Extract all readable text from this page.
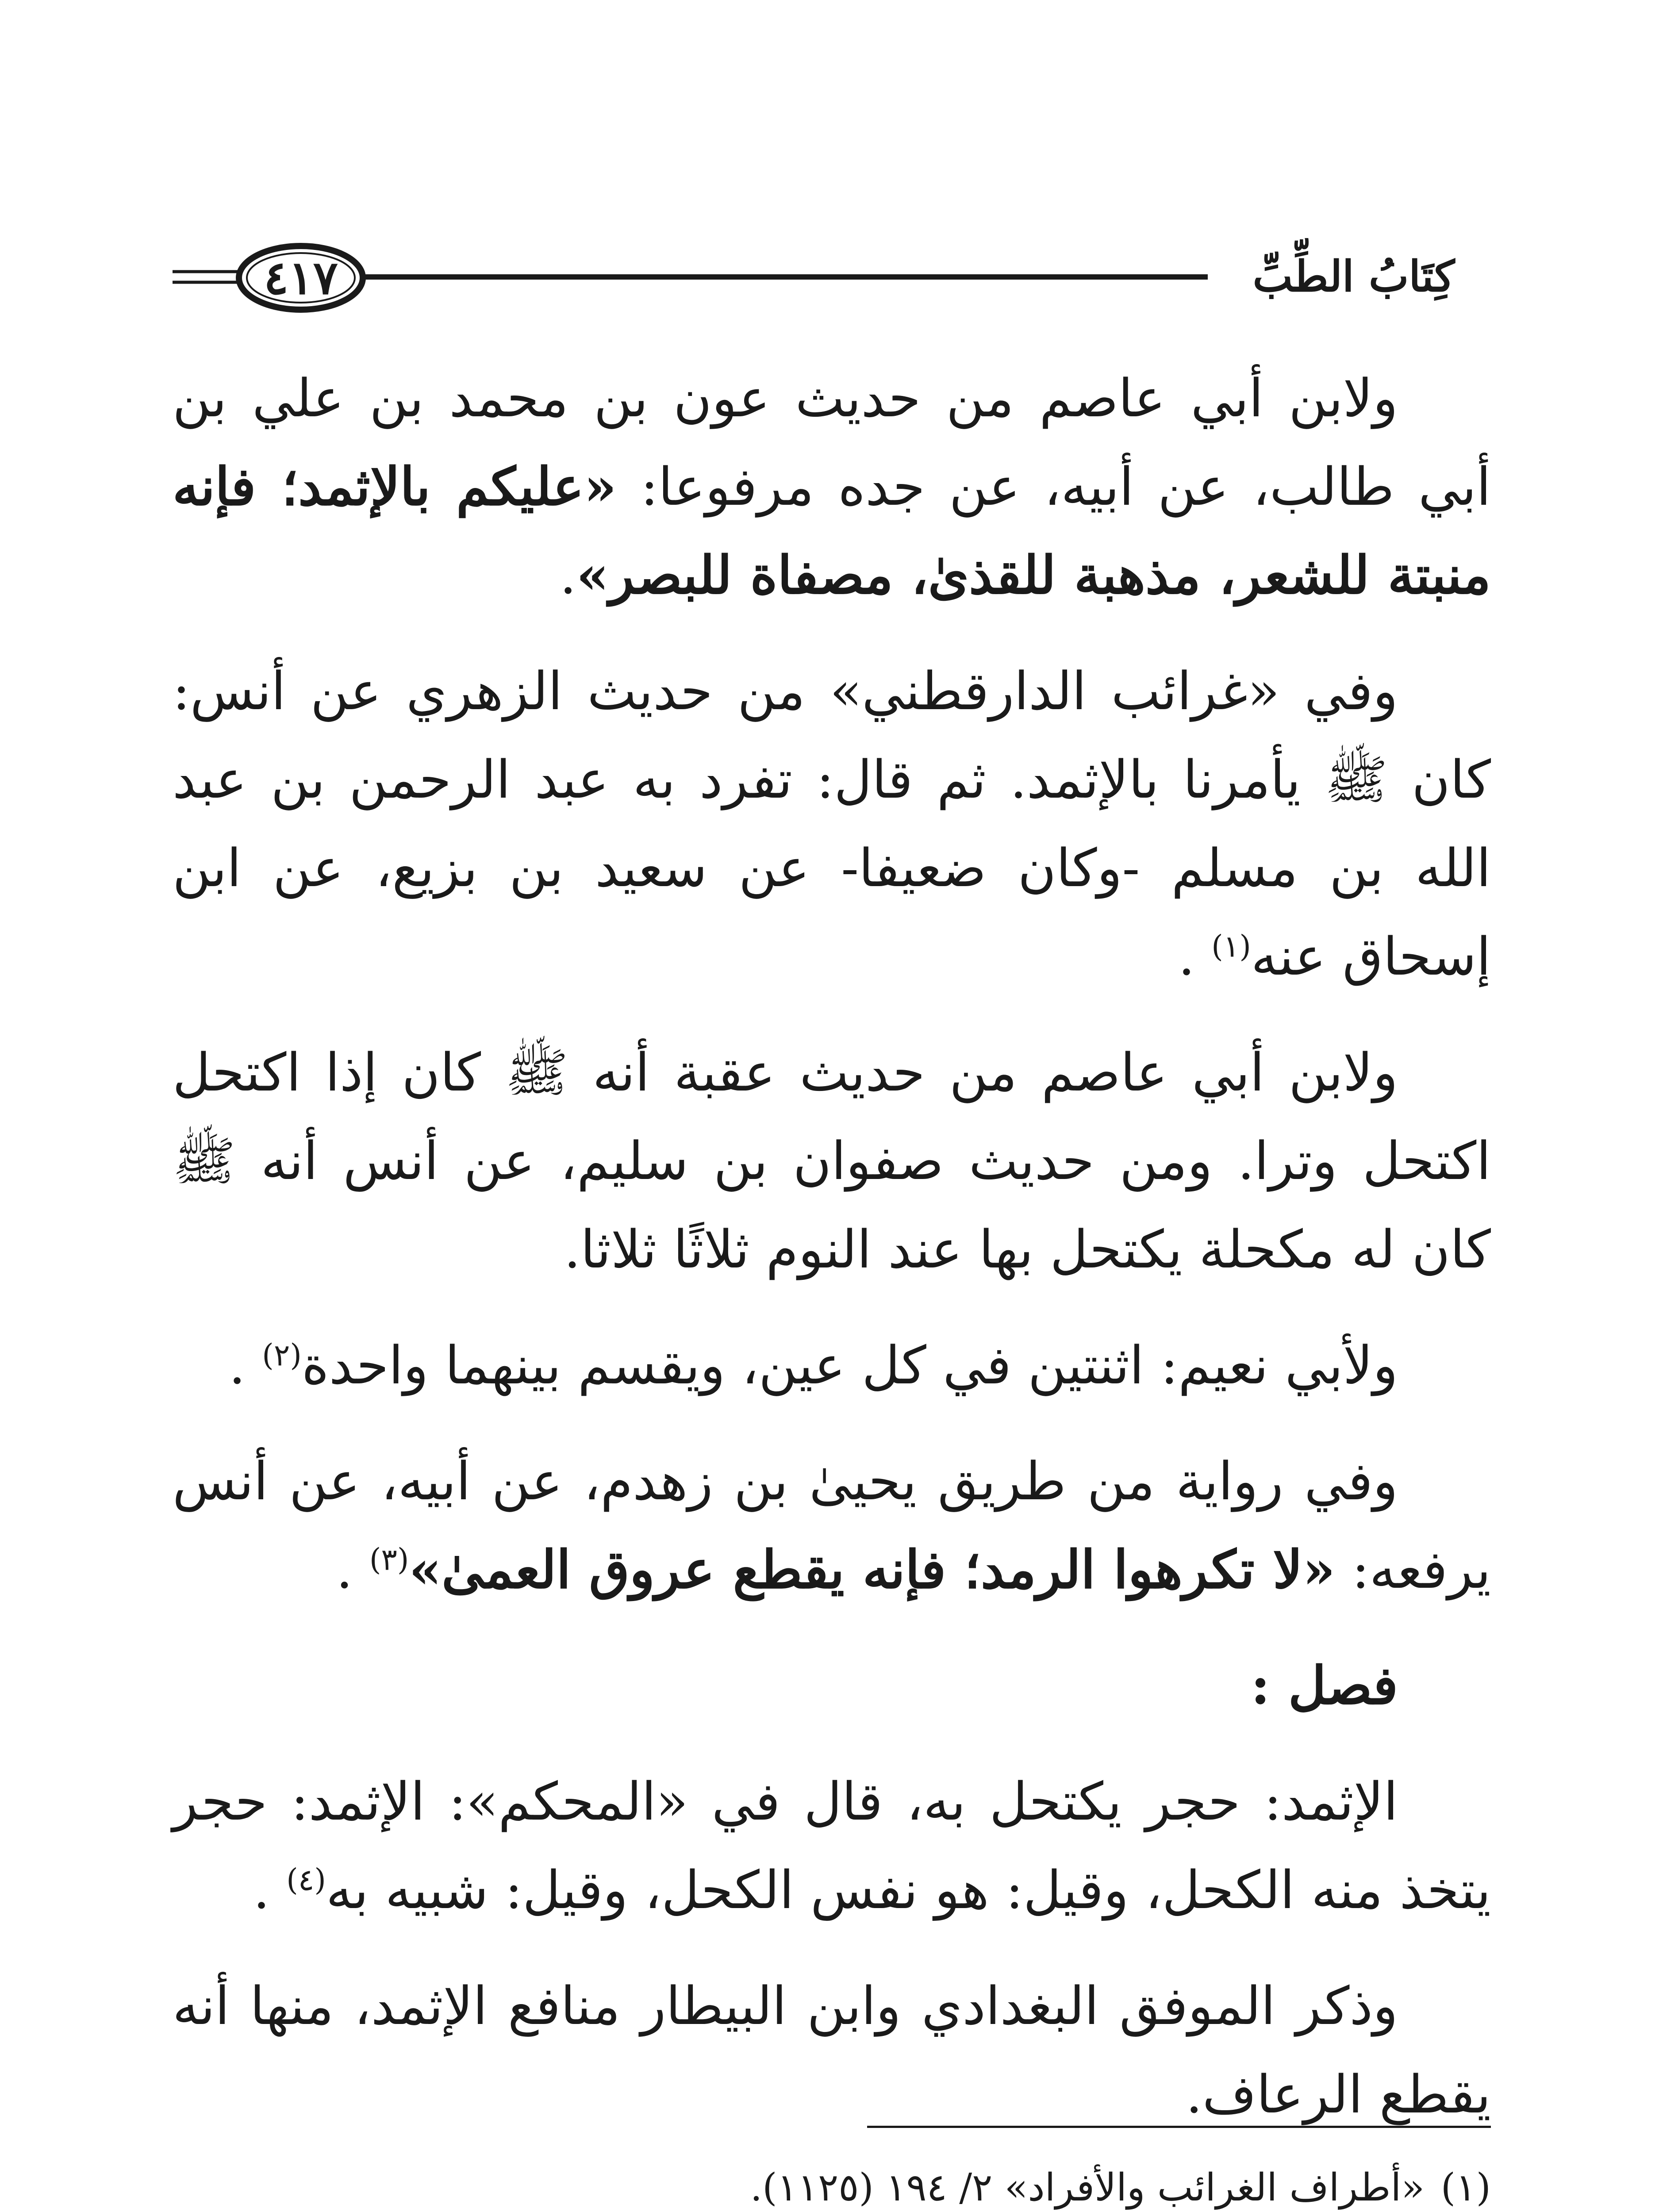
كِتَابُ الطِّبِّ
٤١٧

ولابن أبي عاصم من حديث عون بن محمد بن علي بن أبي طالب، عن أبيه، عن جده مرفوعا: «عليكم بالإثمد؛ فإنه منبتة للشعر، مذهبة للقذىٰ، مصفاة للبصر».

وفي «غرائب الدارقطني» من حديث الزهري عن أنس: كان ﷺ يأمرنا بالإثمد. ثم قال: تفرد به عبد الرحمن بن عبد الله بن مسلم -وكان ضعيفا- عن سعيد بن بزيع، عن ابن إسحاق عنه$^{(١)}$ .

ولابن أبي عاصم من حديث عقبة أنه ﷺ كان إذا اكتحل اكتحل وترا. ومن حديث صفوان بن سليم، عن أنس أنه ﷺ كان له مكحلة يكتحل بها عند النوم ثلاثًا ثلاثا.

ولأبي نعيم: اثنتين في كل عين، ويقسم بينهما واحدة$^{(٢)}$ .

وفي رواية من طريق يحيىٰ بن زهدم، عن أبيه، عن أنس يرفعه: «لا تكرهوا الرمد؛ فإنه يقطع عروق العمىٰ»$^{(٣)}$ .

فصل :

الإثمد: حجر يكتحل به، قال في «المحكم»: الإثمد: حجر يتخذ منه الكحل، وقيل: هو نفس الكحل، وقيل: شبيه به$^{(٤)}$ .

وذكر الموفق البغدادي وابن البيطار منافع الإثمد، منها أنه يقطع الرعاف.

(١)«أطراف الغرائب والأفراد» ٢/ ١٩٤ (١١٢٥).
